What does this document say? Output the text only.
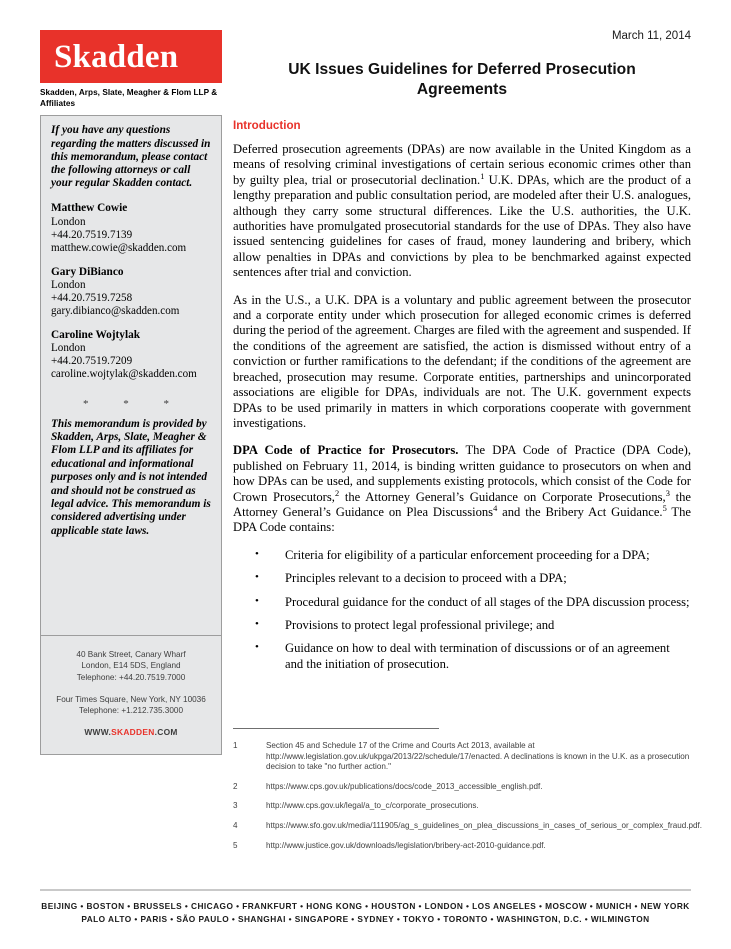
Skadden
Skadden, Arps, Slate, Meagher & Flom LLP & Affiliates
If you have any questions regarding the matters discussed in this memorandum, please contact the following attorneys or call your regular Skadden contact.
Matthew Cowie
London
+44.20.7519.7139
matthew.cowie@skadden.com
Gary DiBianco
London
+44.20.7519.7258
gary.dibianco@skadden.com
Caroline Wojtylak
London
+44.20.7519.7209
caroline.wojtylak@skadden.com
* * *
This memorandum is provided by Skadden, Arps, Slate, Meagher & Flom LLP and its affiliates for educational and informational purposes only and is not intended and should not be construed as legal advice. This memorandum is considered advertising under applicable state laws.
40 Bank Street, Canary Wharf
London, E14 5DS, England
Telephone: +44.20.7519.7000
Four Times Square, New York, NY 10036
Telephone: +1.212.735.3000
WWW.SKADDEN.COM
March 11, 2014
UK Issues Guidelines for Deferred Prosecution Agreements
Introduction

Deferred prosecution agreements (DPAs) are now available in the United Kingdom as a means of resolving criminal investigations of certain serious economic crimes other than by guilty plea, trial or prosecutorial declination.$^1$ U.K. DPAs, which are the product of a lengthy preparation and public consultation period, are modeled after their U.S. analogues, although they carry some structural differences. Like the U.S. authorities, the U.K. authorities have promulgated prosecutorial standards for the use of DPAs. They also have issued sentencing guidelines for cases of fraud, money laundering and bribery, which allow penalties in DPAs and convictions by plea to be benchmarked against expected sentences after trial and conviction.

As in the U.S., a U.K. DPA is a voluntary and public agreement between the prosecutor and a corporate entity under which prosecution for alleged economic crimes is deferred during the period of the agreement. Charges are filed with the agreement and suspended. If the conditions of the agreement are satisfied, the action is dismissed without entry of a conviction or further ramifications to the defendant; if the conditions of the agreement are breached, prosecution may resume. Corporate entities, partnerships and unincorporated associations are eligible for DPAs, individuals are not. The U.K. government expects DPAs to be used primarily in matters in which corporations cooperate with government investigations.

DPA Code of Practice for Prosecutors. The DPA Code of Practice (DPA Code), published on February 11, 2014, is binding written guidance to prosecutors on when and how DPAs can be used, and supplements existing protocols, which consist of the Code for Crown Prosecutors,$^2$ the Attorney General’s Guidance on Corporate Prosecutions,$^3$ the Attorney General’s Guidance on Plea Discussions$^4$ and the Bribery Act Guidance.$^5$ The DPA Code contains:

• Criteria for eligibility of a particular enforcement proceeding for a DPA;
• Principles relevant to a decision to proceed with a DPA;
• Procedural guidance for the conduct of all stages of the DPA discussion process;
• Provisions to protect legal professional privilege; and
• Guidance on how to deal with termination of discussions or of an agreement and the initiation of prosecution.
1	Section 45 and Schedule 17 of the Crime and Courts Act 2013, available at http://www.legislation.gov.uk/ukpga/2013/22/schedule/17/enacted. A declinations is known in the U.K. as a prosecution decision to take "no further action."
2	https://www.cps.gov.uk/publications/docs/code_2013_accessible_english.pdf.
3	http://www.cps.gov.uk/legal/a_to_c/corporate_prosecutions.
4	https://www.sfo.gov.uk/media/111905/ag_s_guidelines_on_plea_discussions_in_cases_of_serious_or_complex_fraud.pdf.
5	http://www.justice.gov.uk/downloads/legislation/bribery-act-2010-guidance.pdf.
BEIJING • BOSTON • BRUSSELS • CHICAGO • FRANKFURT • HONG KONG • HOUSTON • LONDON • LOS ANGELES • MOSCOW • MUNICH • NEW YORK
PALO ALTO • PARIS • SÃO PAULO • SHANGHAI • SINGAPORE • SYDNEY • TOKYO • TORONTO • WASHINGTON, D.C. • WILMINGTON
